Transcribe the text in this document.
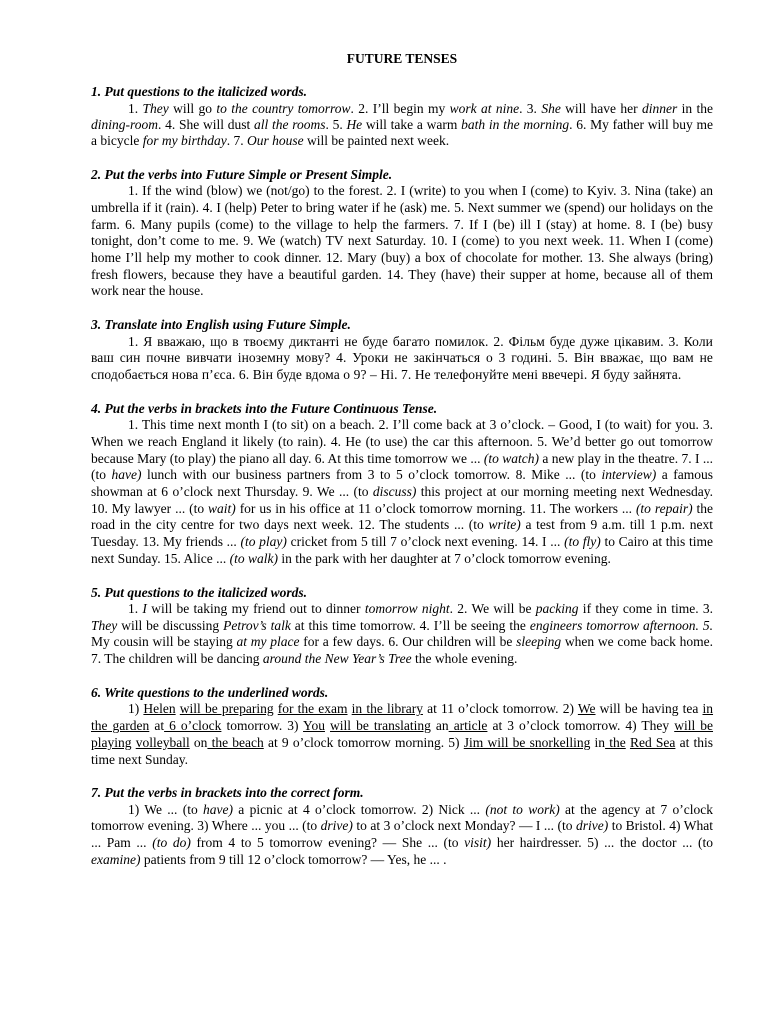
FUTURE TENSES

1. Put questions to the italicized words.

1. They will go to the country tomorrow. 2. I’ll begin my work at nine. 3. She will have her dinner in the dining-room. 4. She will dust all the rooms. 5. He will take a warm bath in the morning. 6. My father will buy me a bicycle for my birthday. 7. Our house will be painted next week.

2. Put the verbs into Future Simple or Present Simple.

1. If the wind (blow) we (not/go) to the forest. 2. I (write) to you when I (come) to Kyiv. 3. Nina (take) an umbrella if it (rain). 4. I (help) Peter to bring water if he (ask) me. 5. Next summer we (spend) our holidays on the farm. 6. Many pupils (come) to the village to help the farmers. 7. If I (be) ill I (stay) at home. 8. I (be) busy tonight, don’t come to me. 9. We (watch) TV next Saturday. 10. I (come) to you next week. 11. When I (come) home I’ll help my mother to cook dinner. 12. Mary (buy) a box of chocolate for mother. 13. She always (bring) fresh flowers, because they have a beautiful garden. 14. They (have) their supper at home, because all of them work near the house.

3. Translate into English using Future Simple.

1. Я вважаю, що в твоєму диктанті не буде багато помилок. 2. Фільм буде дуже цікавим. 3. Коли ваш син почне вивчати іноземну мову? 4. Уроки не закінчаться о 3 годині. 5. Він вважає, що вам не сподобається нова п’єса. 6. Він буде вдома о 9? – Ні. 7. Не телефонуйте мені ввечері. Я буду зайнята.

4. Put the verbs in brackets into the Future Continuous Tense.

1. This time next month I (to sit) on a beach. 2. I’ll come back at 3 o’clock. – Good, I (to wait) for you. 3. When we reach England it likely (to rain). 4. He (to use) the car this afternoon. 5. We’d better go out tomorrow because Mary (to play) the piano all day. 6. At this time tomorrow we ... (to watch) a new play in the theatre. 7. I ... (to have) lunch with our business partners from 3 to 5 o’clock tomorrow. 8. Mike ... (to interview) a famous showman at 6 o’clock next Thursday. 9. We ... (to discuss) this project at our morning meeting next Wednesday. 10. My lawyer ... (to wait) for us in his office at 11 o’clock tomorrow morning. 11. The workers ... (to repair) the road in the city centre for two days next week. 12. The students ... (to write) a test from 9 a.m. till 1 p.m. next Tuesday. 13. My friends ... (to play) cricket from 5 till 7 o’clock next evening. 14. I ... (to fly) to Cairo at this time next Sunday. 15. Alice ... (to walk) in the park with her daughter at 7 o’clock tomorrow evening.

5. Put questions to the italicized words.

1. I will be taking my friend out to dinner tomorrow night. 2. We will be packing if they come in time. 3. They will be discussing Petrov’s talk at this time tomorrow. 4. I’ll be seeing the engineers tomorrow afternoon. 5. My cousin will be staying at my place for a few days. 6. Our children will be sleeping when we come back home. 7. The children will be dancing around the New Year’s Tree the whole evening.

6. Write questions to the underlined words.

1) Helen will be preparing for the exam in the library at 11 o’clock tomorrow. 2) We will be having tea in the garden at 6 o’clock tomorrow. 3) You will be translating an article at 3 o’clock tomorrow. 4) They will be playing volleyball on the beach at 9 o’clock tomorrow morning. 5) Jim will be snorkelling in the Red Sea at this time next Sunday.

7. Put the verbs in brackets into the correct form.

1) We ... (to have) a picnic at 4 o’clock tomorrow. 2) Nick ... (not to work) at the agency at 7 o’clock tomorrow evening. 3) Where ... you ... (to drive) to at 3 o’clock next Monday? — I ... (to drive) to Bristol. 4) What ... Pam ... (to do) from 4 to 5 tomorrow evening? — She ... (to visit) her hairdresser. 5) ... the doctor ... (to examine) patients from 9 till 12 o’clock tomorrow? — Yes, he ... .
